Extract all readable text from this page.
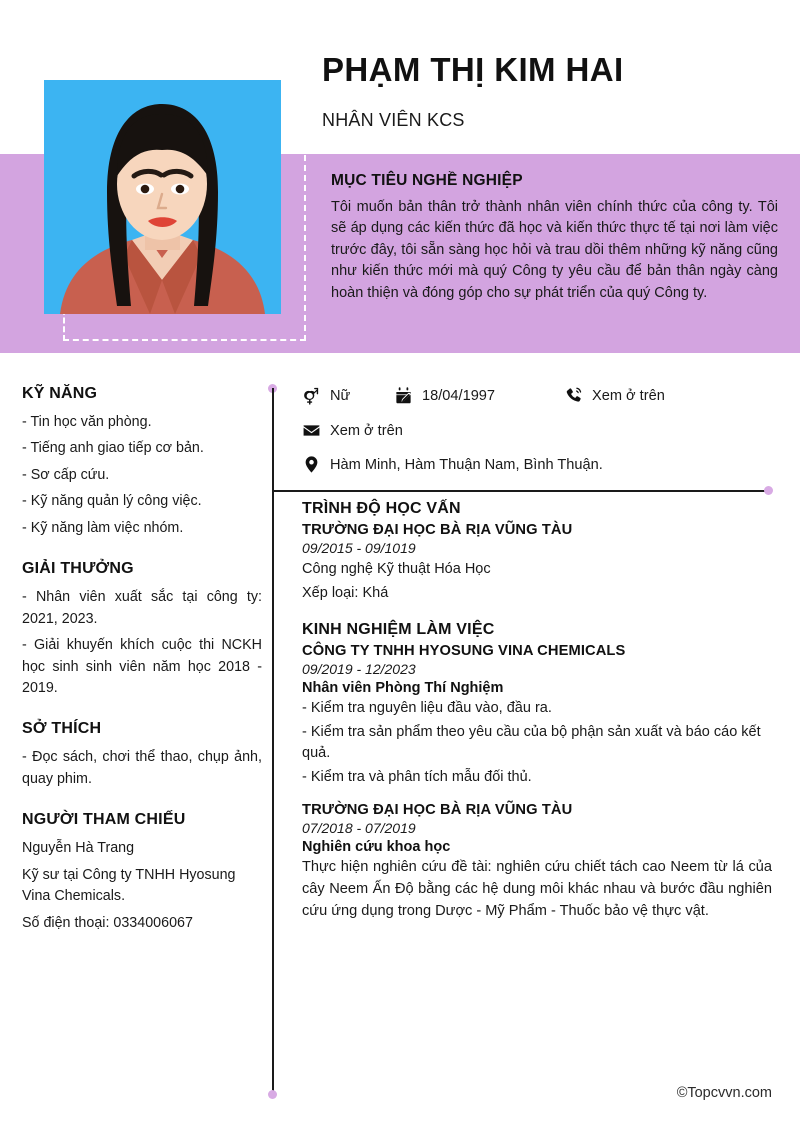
PHẠM THỊ KIM HAI
NHÂN VIÊN KCS
MỤC TIÊU NGHỀ NGHIỆP

Tôi muốn bản thân trở thành nhân viên chính thức của công ty. Tôi sẽ áp dụng các kiến thức đã học và kiến thức thực tế tại nơi làm việc trước đây, tôi sẵn sàng học hỏi và trau dồi thêm những kỹ năng cũng như kiến thức mới mà quý Công ty yêu cầu để bản thân ngày càng hoàn thiện và đóng góp cho sự phát triển của quý Công ty.

KỸ NĂNG

- Tin học văn phòng.

- Tiếng anh giao tiếp cơ bản.

- Sơ cấp cứu.

- Kỹ năng quản lý công việc.

- Kỹ năng làm việc nhóm.

GIẢI THƯỞNG

- Nhân viên xuất sắc tại công ty: 2021, 2023.

- Giải khuyến khích cuộc thi NCKH học sinh sinh viên năm học 2018 - 2019.

SỞ THÍCH

- Đọc sách, chơi thể thao, chụp ảnh, quay phim.

NGƯỜI THAM CHIẾU

Nguyễn Hà Trang

Kỹ sư tại Công ty TNHH Hyosung Vina Chemicals.

Số điện thoại: 0334006067

Nữ	18/04/1997	Xem ở trên
Xem ở trên
Hàm Minh, Hàm Thuận Nam, Bình Thuận.
TRÌNH ĐỘ HỌC VẤN

TRƯỜNG ĐẠI HỌC BÀ RỊA VŨNG TÀU

09/2015 - 09/1019

Công nghệ Kỹ thuật Hóa Học

Xếp loại: Khá

KINH NGHIỆM LÀM VIỆC

CÔNG TY TNHH HYOSUNG VINA CHEMICALS

09/2019 - 12/2023

Nhân viên Phòng Thí Nghiệm

- Kiểm tra nguyên liệu đầu vào, đầu ra.

- Kiểm tra sản phẩm theo yêu cầu của bộ phận sản xuất và báo cáo kết quả.

- Kiểm tra và phân tích mẫu đối thủ.

TRƯỜNG ĐẠI HỌC BÀ RỊA VŨNG TÀU

07/2018 - 07/2019

Nghiên cứu khoa học

Thực hiện nghiên cứu đề tài: nghiên cứu chiết tách cao Neem từ lá của cây Neem Ấn Độ bằng các hệ dung môi khác nhau và bước đầu nghiên cứu ứng dụng trong Dược - Mỹ Phẩm - Thuốc bảo vệ thực vật.

©Topcvvn.com
